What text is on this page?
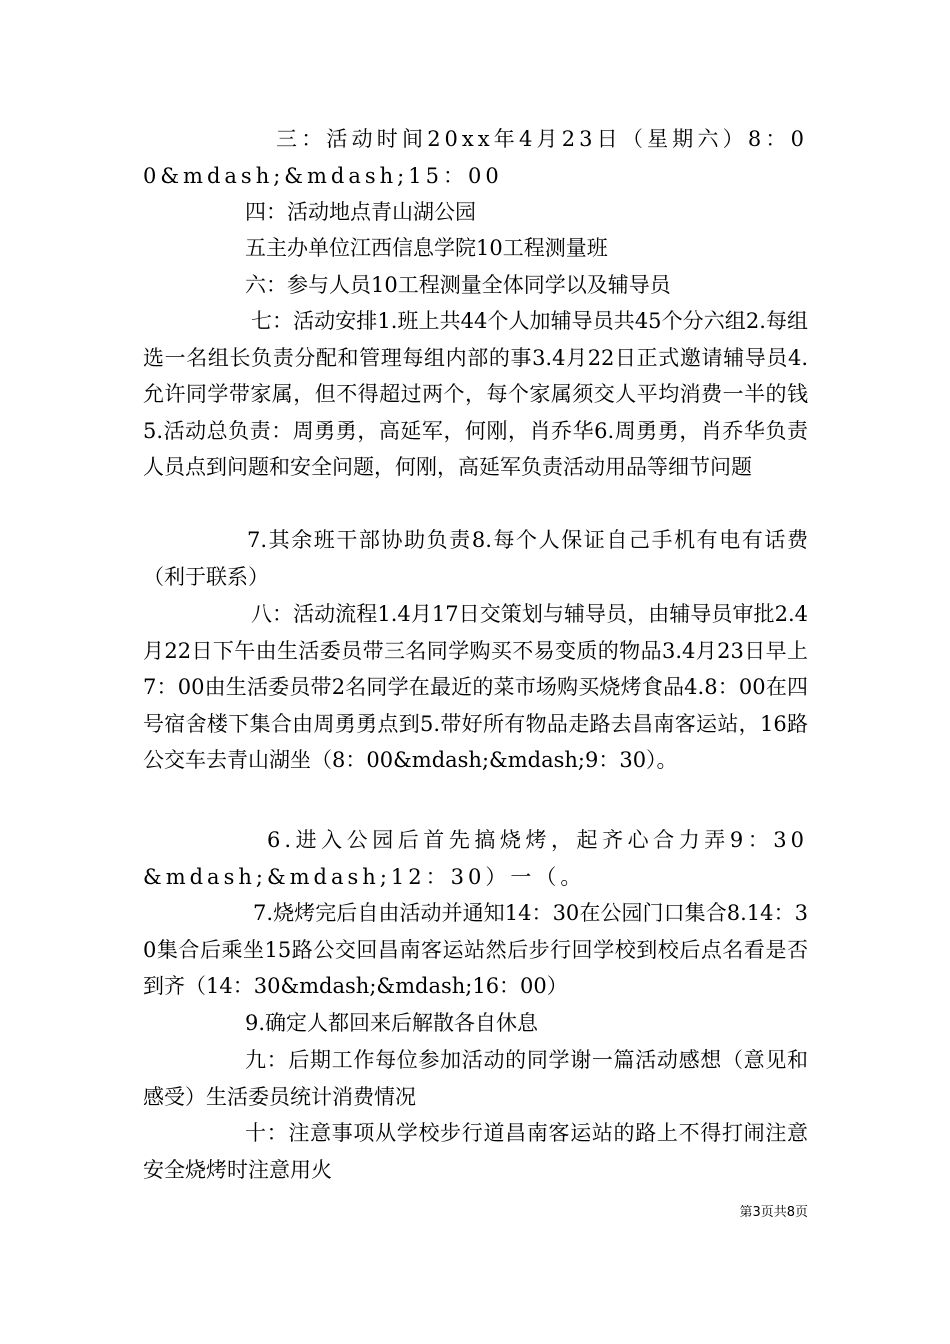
三：活动时间20xx年4月23日（星期六）8：00&mdash;&mdash;15：00

四：活动地点青山湖公园

五主办单位江西信息学院10工程测量班

六：参与人员10工程测量全体同学以及辅导员

七：活动安排1.班上共44个人加辅导员共45个分六组2.每组选一名组长负责分配和管理每组内部的事3.4月22日正式邀请辅导员4.允许同学带家属，但不得超过两个，每个家属须交人平均消费一半的钱5.活动总负责：周勇勇，高延军，何刚，肖乔华6.周勇勇，肖乔华负责人员点到问题和安全问题，何刚，高延军负责活动用品等细节问题

7.其余班干部协助负责8.每个人保证自己手机有电有话费（利于联系）

八：活动流程1.4月17日交策划与辅导员，由辅导员审批2.4月22日下午由生活委员带三名同学购买不易变质的物品3.4月23日早上7：00由生活委员带2名同学在最近的菜市场购买烧烤食品4.8：00在四号宿舍楼下集合由周勇勇点到5.带好所有物品走路去昌南客运站，16路公交车去青山湖坐（8：00&mdash;&mdash;9：30）。

6.进入公园后首先搞烧烤，起齐心合力弄9：30&mdash;&mdash;12：30）一（。

7.烧烤完后自由活动并通知14：30在公园门口集合8.14：30集合后乘坐15路公交回昌南客运站然后步行回学校到校后点名看是否到齐（14：30&mdash;&mdash;16：00）

9.确定人都回来后解散各自休息

九：后期工作每位参加活动的同学谢一篇活动感想（意见和感受）生活委员统计消费情况

十：注意事项从学校步行道昌南客运站的路上不得打闹注意安全烧烤时注意用火

第3页共8页
